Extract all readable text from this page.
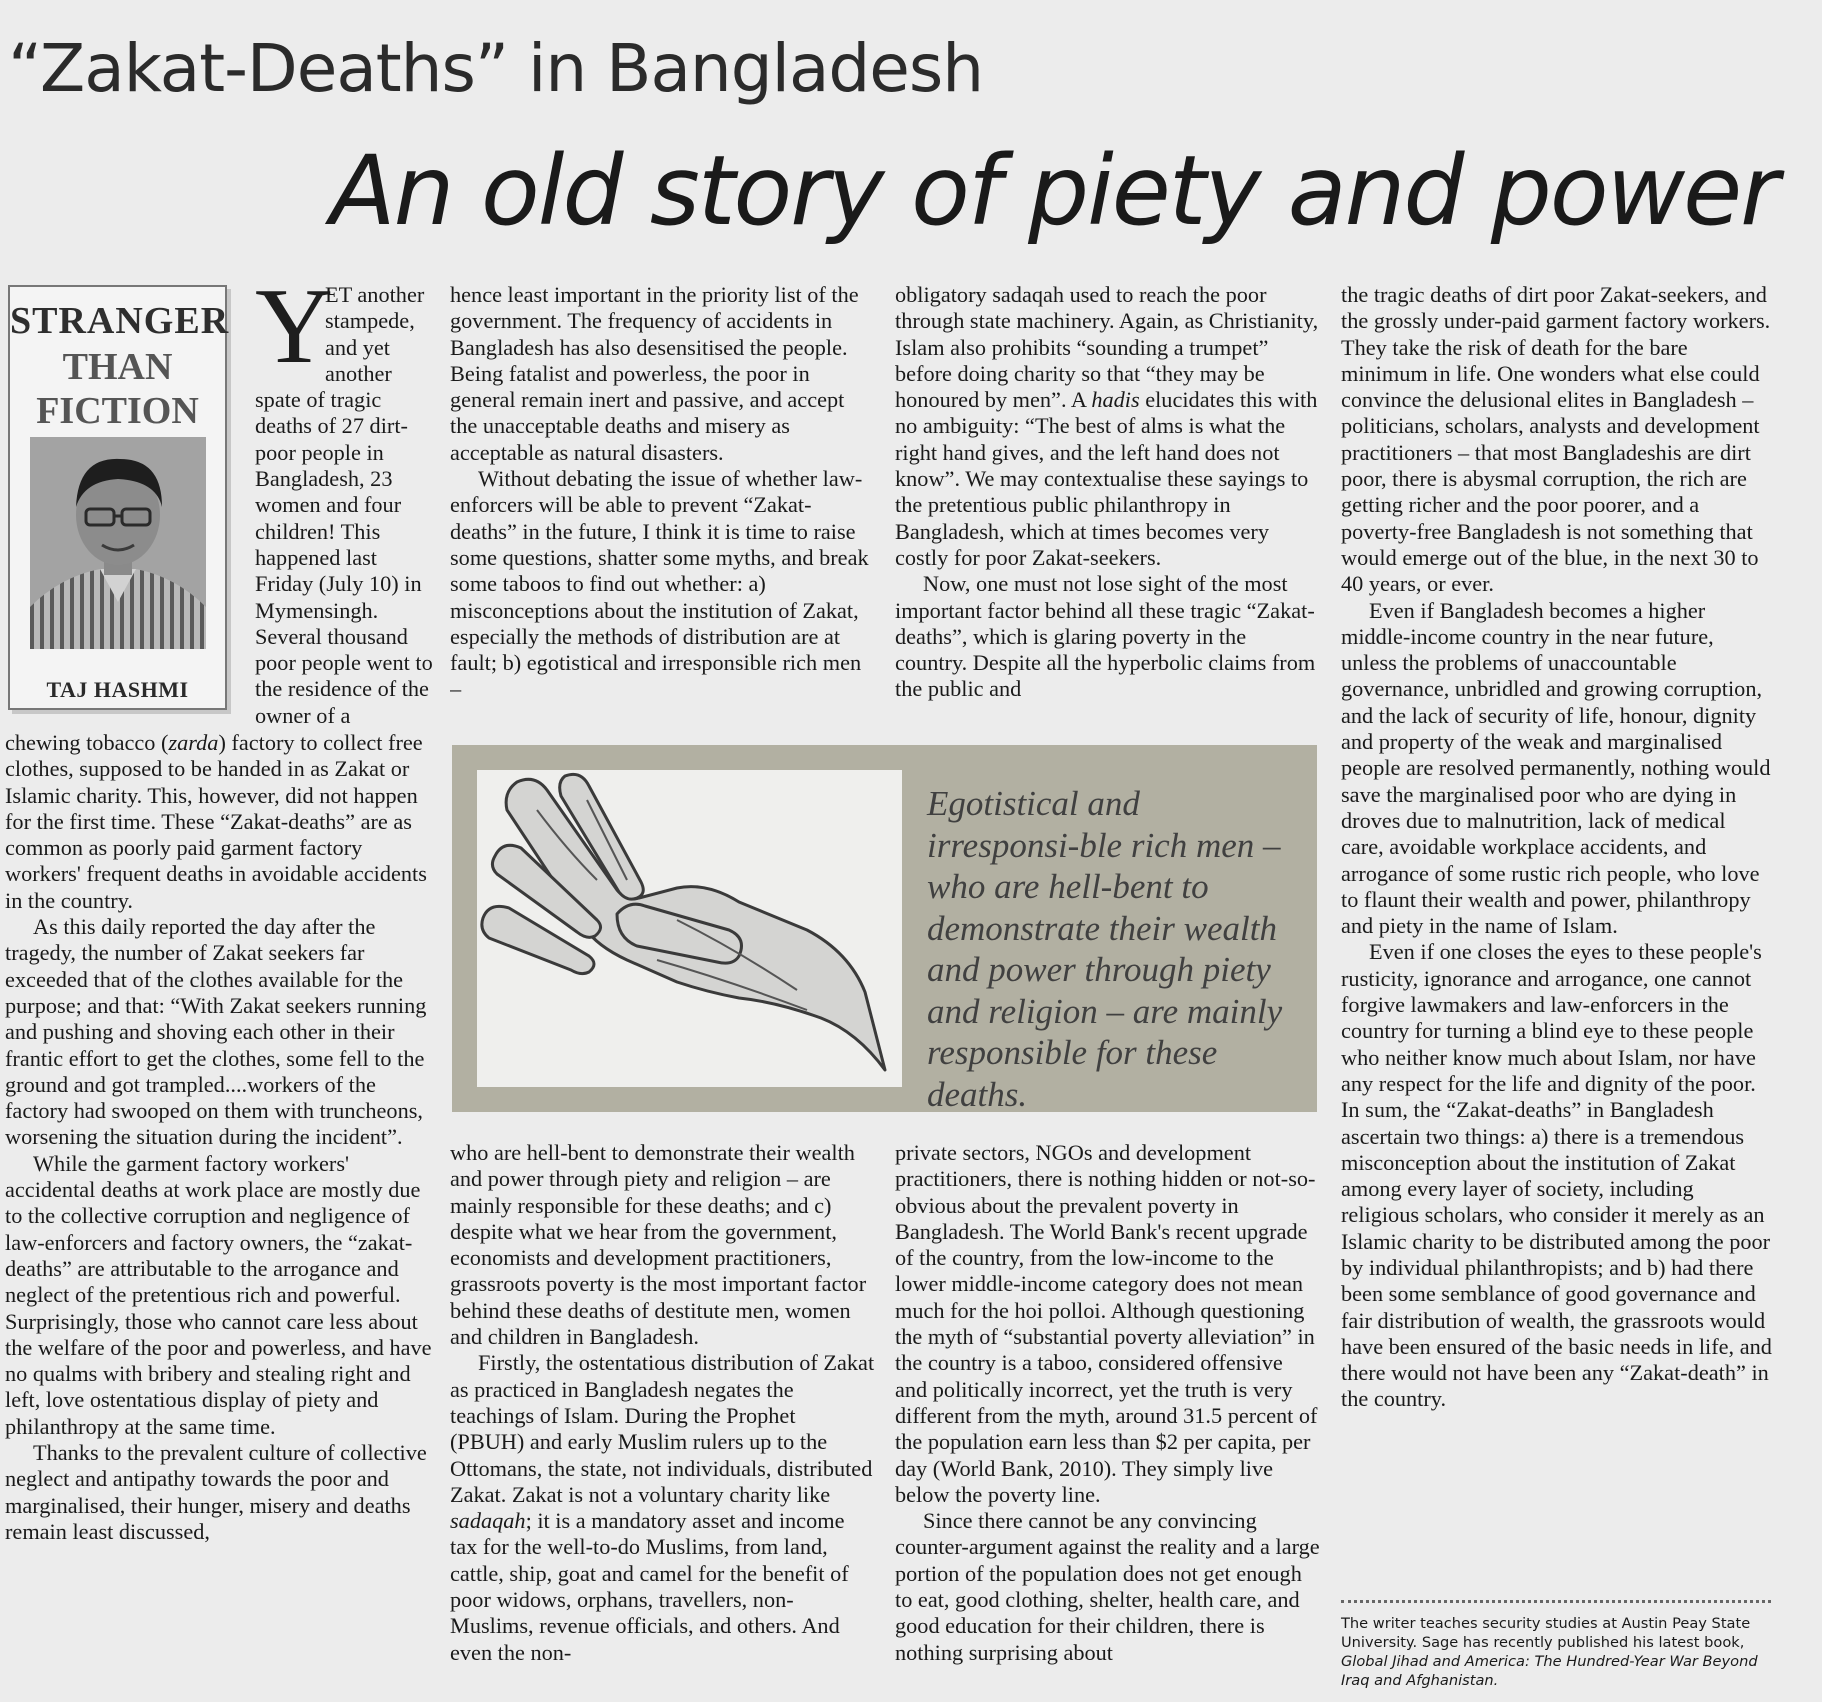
“Zakat-Deaths” in Bangladesh
An old story of piety and power
STRANGER
THAN
FICTION
TAJ HASHMI
Y

ET another stampede, and yet another spate of tragic deaths of 27 dirt-poor people in Bangladesh, 23 women and four children! This happened last Friday (July 10) in Mymensingh. Several thousand poor people went to the residence of the owner of a

chewing tobacco (zarda) factory to collect free clothes, supposed to be handed in as Zakat or Islamic charity. This, however, did not happen for the first time. These “Zakat-deaths” are as common as poorly paid garment factory workers' frequent deaths in avoidable accidents in the country.

As this daily reported the day after the tragedy, the number of Zakat seekers far exceeded that of the clothes available for the purpose; and that: “With Zakat seekers running and pushing and shoving each other in their frantic effort to get the clothes, some fell to the ground and got trampled....workers of the factory had swooped on them with truncheons, worsening the situation during the incident”.

While the garment factory workers' accidental deaths at work place are mostly due to the collective corruption and negligence of law-enforcers and factory owners, the “zakat-deaths” are attributable to the arrogance and neglect of the pretentious rich and powerful. Surprisingly, those who cannot care less about the welfare of the poor and powerless, and have no qualms with bribery and stealing right and left, love ostentatious display of piety and philanthropy at the same time.

Thanks to the prevalent culture of collective neglect and antipathy towards the poor and marginalised, their hunger, misery and deaths remain least discussed,

hence least important in the priority list of the government. The frequency of accidents in Bangladesh has also desensitised the people. Being fatalist and powerless, the poor in general remain inert and passive, and accept the unacceptable deaths and misery as acceptable as natural disasters.

Without debating the issue of whether law-enforcers will be able to prevent “Zakat-deaths” in the future, I think it is time to raise some questions, shatter some myths, and break some taboos to find out whether: a) misconceptions about the institution of Zakat, especially the methods of distribution are at fault; b) egotistical and irresponsible rich men –

obligatory sadaqah used to reach the poor through state machinery. Again, as Christianity, Islam also prohibits “sounding a trumpet” before doing charity so that “they may be honoured by men”. A hadis elucidates this with no ambiguity: “The best of alms is what the right hand gives, and the left hand does not know”. We may contextualise these sayings to the pretentious public philanthropy in Bangladesh, which at times becomes very costly for poor Zakat-seekers.

Now, one must not lose sight of the most important factor behind all these tragic “Zakat-deaths”, which is glaring poverty in the country. Despite all the hyperbolic claims from the public and

Egotistical and irresponsi-ble rich men – who are hell-bent to demonstrate their wealth and power through piety and religion – are mainly responsible for these deaths.

who are hell-bent to demonstrate their wealth and power through piety and religion – are mainly responsible for these deaths; and c) despite what we hear from the government, economists and development practitioners, grassroots poverty is the most important factor behind these deaths of destitute men, women and children in Bangladesh.

Firstly, the ostentatious distribution of Zakat as practiced in Bangladesh negates the teachings of Islam. During the Prophet (PBUH) and early Muslim rulers up to the Ottomans, the state, not individuals, distributed Zakat. Zakat is not a voluntary charity like sadaqah; it is a mandatory asset and income tax for the well-to-do Muslims, from land, cattle, ship, goat and camel for the benefit of poor widows, orphans, travellers, non-Muslims, revenue officials, and others. And even the non-

private sectors, NGOs and development practitioners, there is nothing hidden or not-so-obvious about the prevalent poverty in Bangladesh. The World Bank's recent upgrade of the country, from the low-income to the lower middle-income category does not mean much for the hoi polloi. Although questioning the myth of “substantial poverty alleviation” in the country is a taboo, considered offensive and politically incorrect, yet the truth is very different from the myth, around 31.5 percent of the population earn less than $2 per capita, per day (World Bank, 2010). They simply live below the poverty line.

Since there cannot be any convincing counter-argument against the reality and a large portion of the population does not get enough to eat, good clothing, shelter, health care, and good education for their children, there is nothing surprising about

the tragic deaths of dirt poor Zakat-seekers, and the grossly under-paid garment factory workers. They take the risk of death for the bare minimum in life. One wonders what else could convince the delusional elites in Bangladesh – politicians, scholars, analysts and development practitioners – that most Bangladeshis are dirt poor, there is abysmal corruption, the rich are getting richer and the poor poorer, and a poverty-free Bangladesh is not something that would emerge out of the blue, in the next 30 to 40 years, or ever.

Even if Bangladesh becomes a higher middle-income country in the near future, unless the problems of unaccountable governance, unbridled and growing corruption, and the lack of security of life, honour, dignity and property of the weak and marginalised people are resolved permanently, nothing would save the marginalised poor who are dying in droves due to malnutrition, lack of medical care, avoidable workplace accidents, and arrogance of some rustic rich people, who love to flaunt their wealth and power, philanthropy and piety in the name of Islam.

Even if one closes the eyes to these people's rusticity, ignorance and arrogance, one cannot forgive lawmakers and law-enforcers in the country for turning a blind eye to these people who neither know much about Islam, nor have any respect for the life and dignity of the poor. In sum, the “Zakat-deaths” in Bangladesh ascertain two things: a) there is a tremendous misconception about the institution of Zakat among every layer of society, including religious scholars, who consider it merely as an Islamic charity to be distributed among the poor by individual philanthropists; and b) had there been some semblance of good governance and fair distribution of wealth, the grassroots would have been ensured of the basic needs in life, and there would not have been any “Zakat-death” in the country.

The writer teaches security studies at Austin Peay State University. Sage has recently published his latest book, Global Jihad and America: The Hundred-Year War Beyond Iraq and Afghanistan.
